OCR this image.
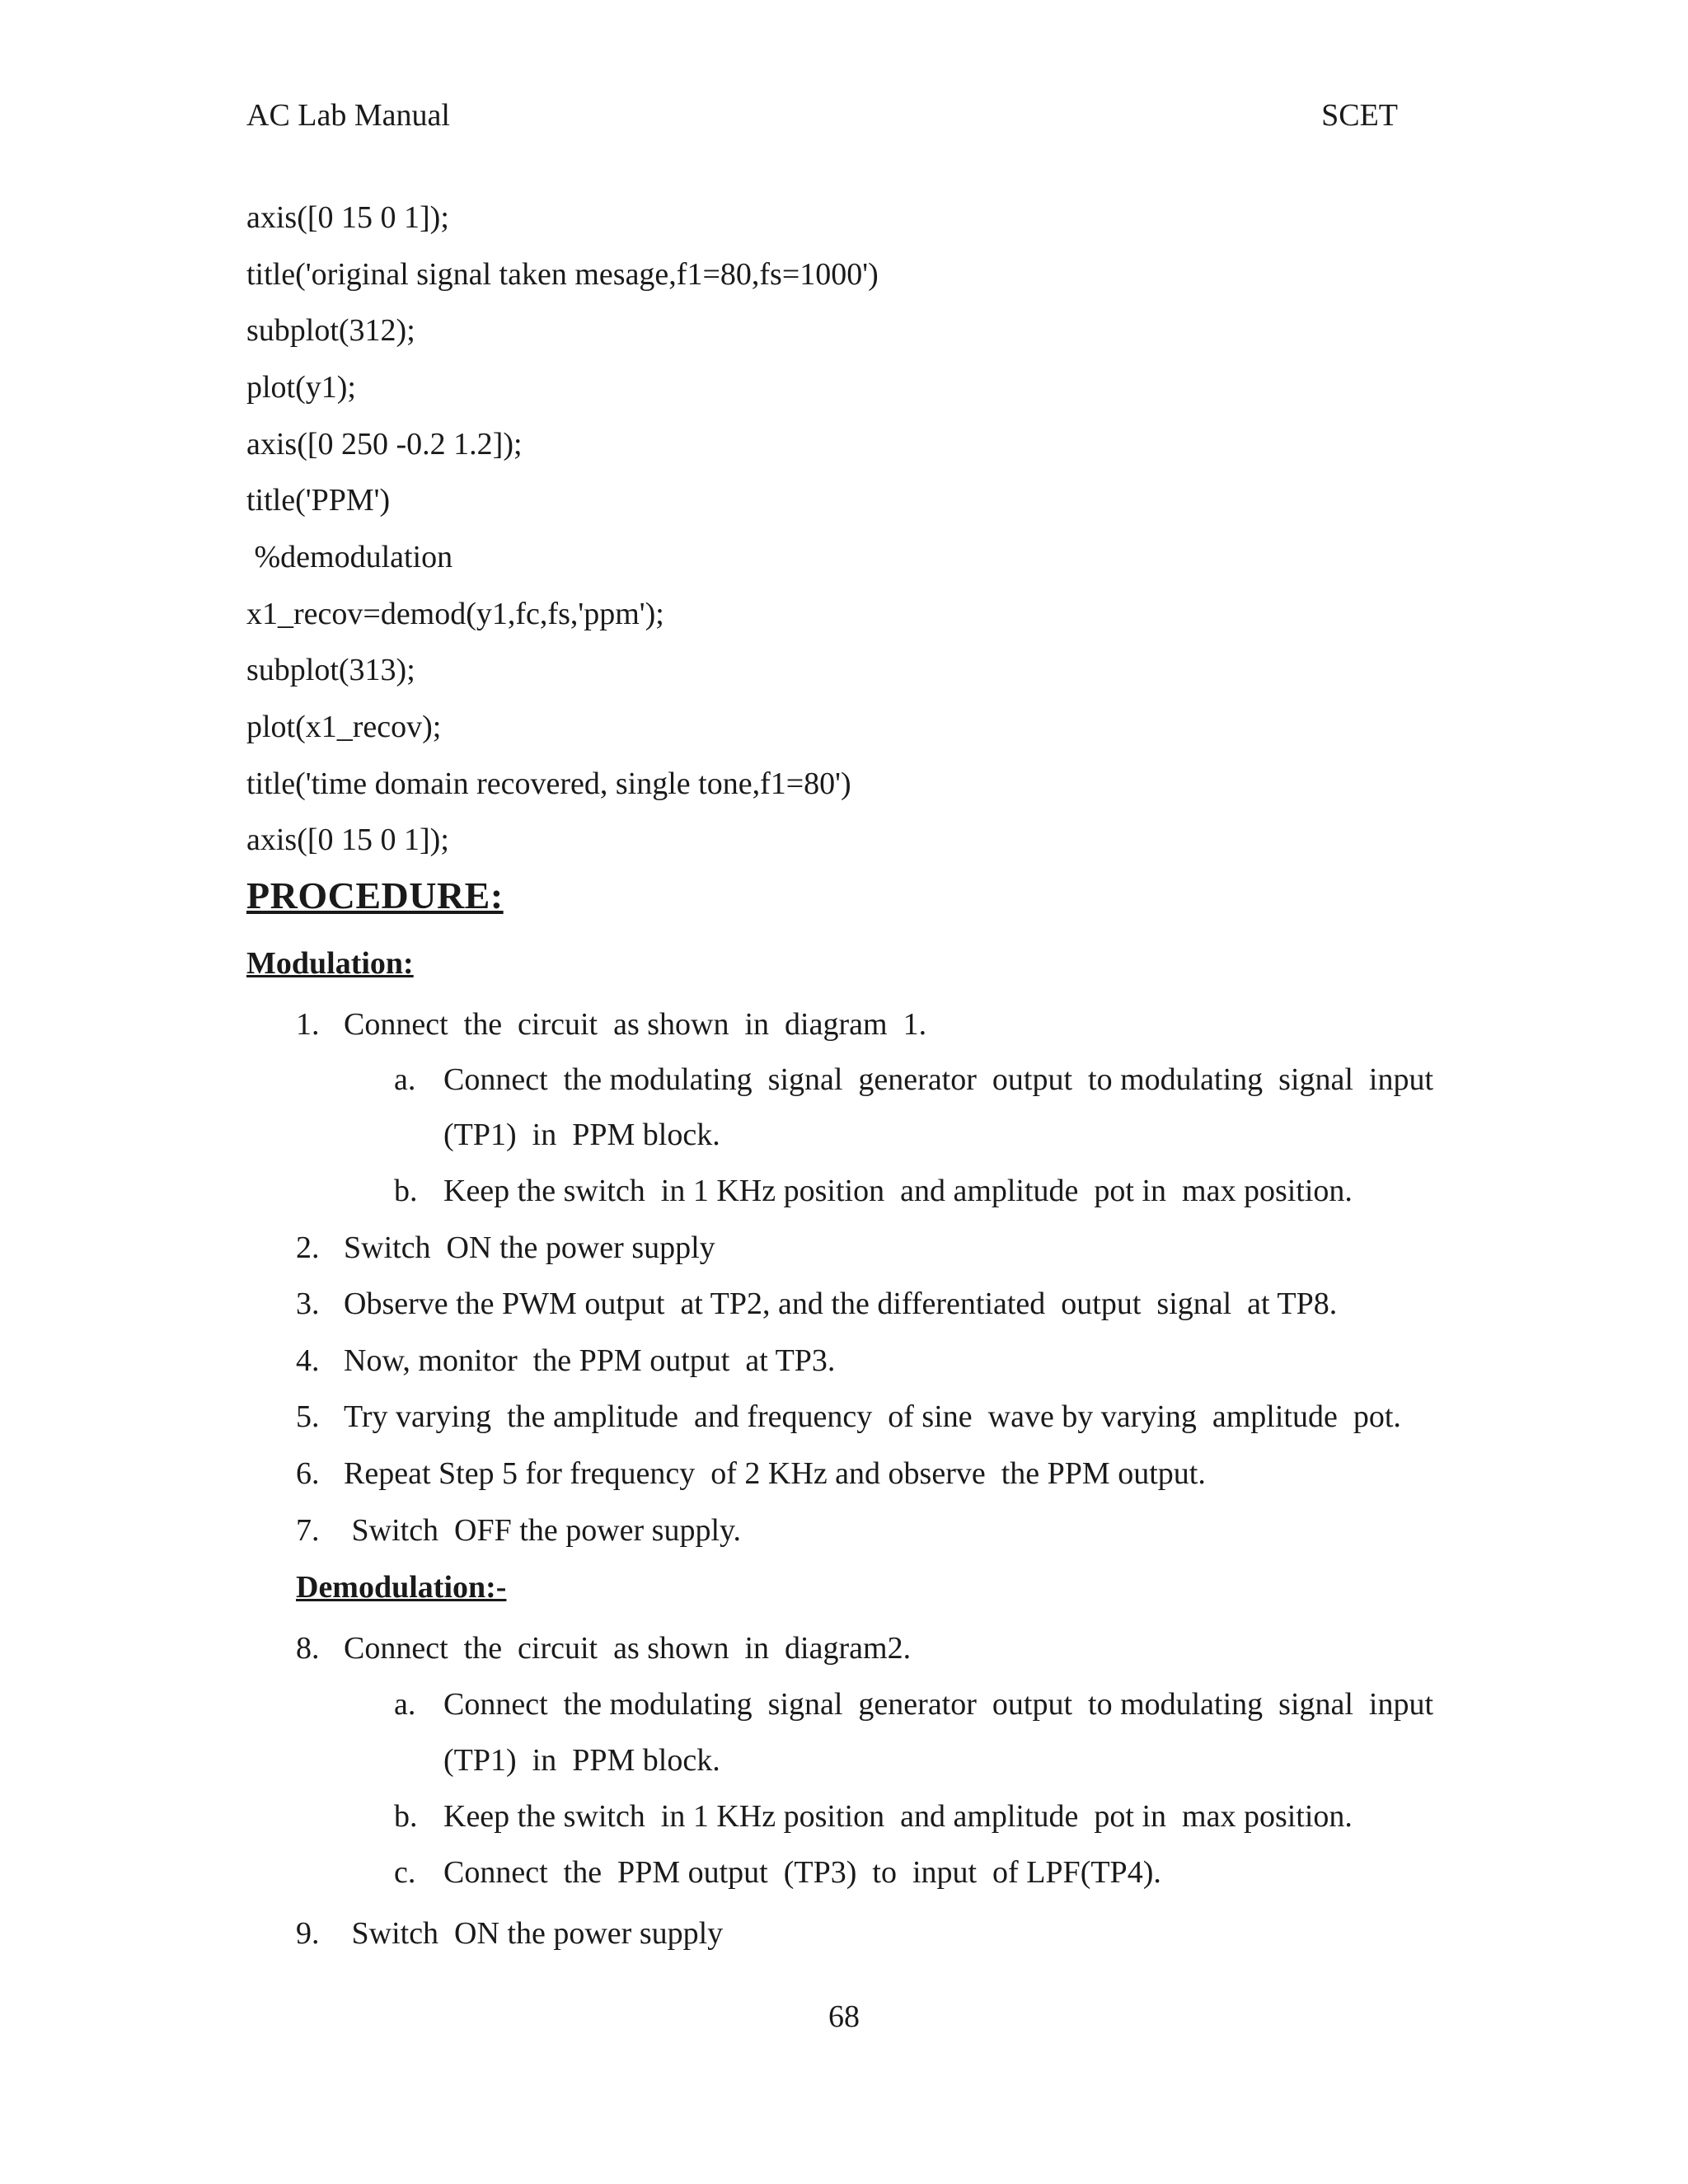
AC Lab Manual	SCET
axis([0 15 0 1]);
title('original signal taken mesage,f1=80,fs=1000')
subplot(312);
plot(y1);
axis([0 250 -0.2 1.2]);
title('PPM')
%demodulation
x1_recov=demod(y1,fc,fs,'ppm');
subplot(313);
plot(x1_recov);
title('time domain recovered, single tone,f1=80')
axis([0 15 0 1]);
PROCEDURE:
Modulation:
1. Connect  the  circuit  as shown  in  diagram  1.
a. Connect  the modulating  signal  generator  output  to modulating  signal  input
(TP1)  in  PPM block.
b. Keep the switch  in 1 KHz position  and amplitude  pot in  max position.
2. Switch  ON the power supply
3. Observe the PWM output  at TP2, and the differentiated  output  signal  at TP8.
4. Now, monitor  the PPM output  at TP3.
5. Try varying  the amplitude  and frequency  of sine  wave by varying  amplitude  pot.
6. Repeat Step 5 for frequency  of 2 KHz and observe  the PPM output.
7. Switch  OFF the power supply.
Demodulation:-
8. Connect  the  circuit  as shown  in  diagram2.
a. Connect  the modulating  signal  generator  output  to modulating  signal  input
(TP1)  in  PPM block.
b. Keep the switch  in 1 KHz position  and amplitude  pot in  max position.
c. Connect  the  PPM output  (TP3)  to  input  of LPF(TP4).
9. Switch  ON the power supply
68
